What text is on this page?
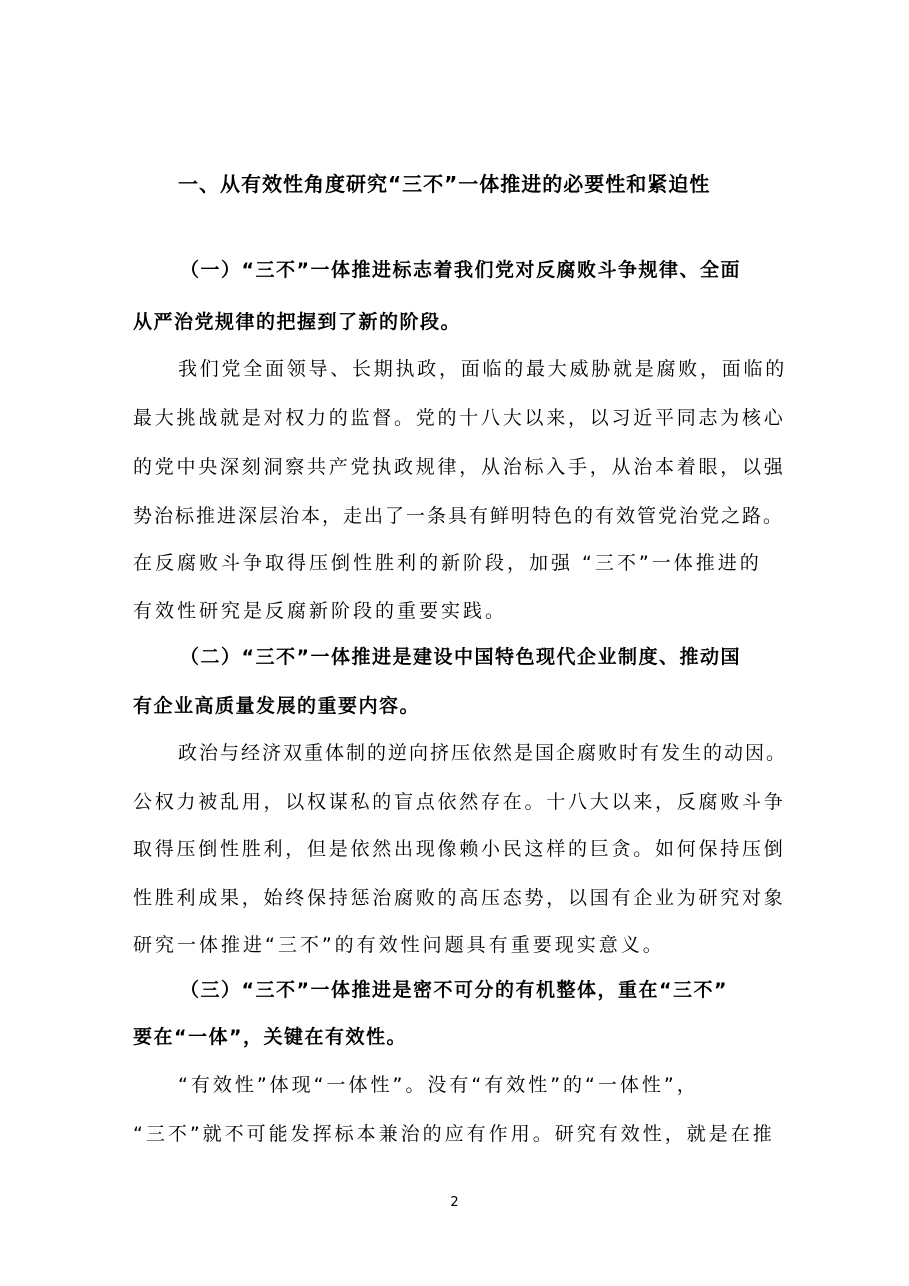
一、从有效性角度研究“三不”一体推进的必要性和紧迫性
（一）“三不”一体推进标志着我们党对反腐败斗争规律、全面
从严治党规律的把握到了新的阶段。
我们党全面领导、长期执政，面临的最大威胁就是腐败，面临的
最大挑战就是对权力的监督。党的十八大以来，以习近平同志为核心
的党中央深刻洞察共产党执政规律，从治标入手，从治本着眼，以强
势治标推进深层治本，走出了一条具有鲜明特色的有效管党治党之路。
在反腐败斗争取得压倒性胜利的新阶段，加强 “三不”一体推进的
有效性研究是反腐新阶段的重要实践。
（二）“三不”一体推进是建设中国特色现代企业制度、推动国
有企业高质量发展的重要内容。
政治与经济双重体制的逆向挤压依然是国企腐败时有发生的动因。
公权力被乱用，以权谋私的盲点依然存在。十八大以来，反腐败斗争
取得压倒性胜利，但是依然出现像赖小民这样的巨贪。如何保持压倒
性胜利成果，始终保持惩治腐败的高压态势，以国有企业为研究对象
研究一体推进“三不”的有效性问题具有重要现实意义。
（三）“三不”一体推进是密不可分的有机整体，重在“三不”
要在“一体”，关键在有效性。
“有效性”体现“一体性”。没有“有效性”的“一体性”，
“三不”就不可能发挥标本兼治的应有作用。研究有效性，就是在推
2
